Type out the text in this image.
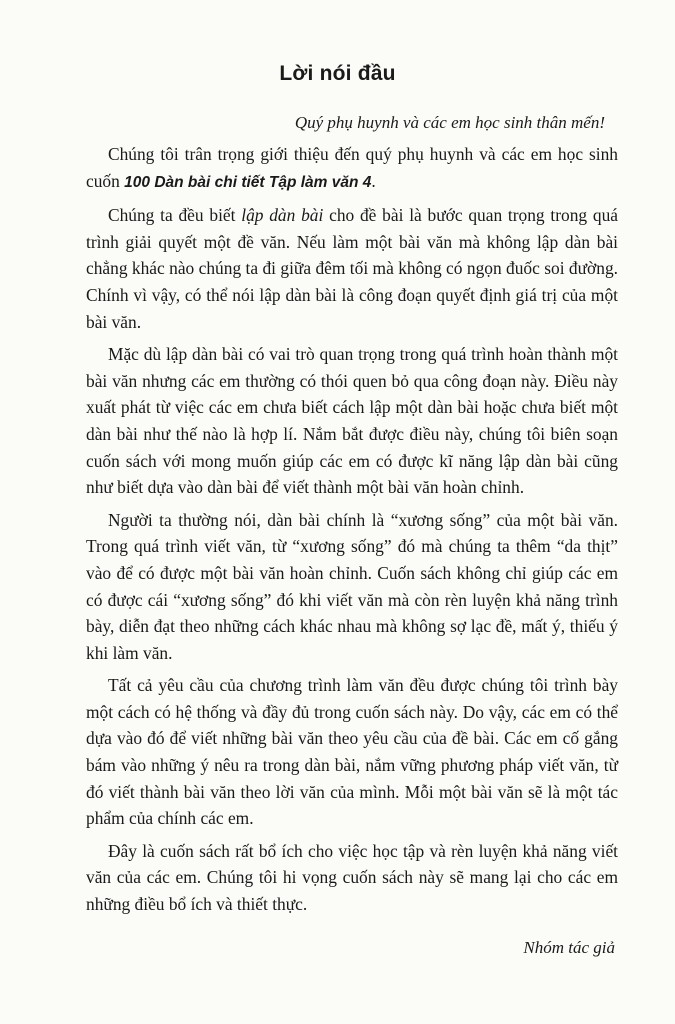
Lời nói đầu

Quý phụ huynh và các em học sinh thân mến!

Chúng tôi trân trọng giới thiệu đến quý phụ huynh và các em học sinh cuốn 100 Dàn bài chi tiết Tập làm văn 4.

Chúng ta đều biết lập dàn bài cho đề bài là bước quan trọng trong quá trình giải quyết một đề văn. Nếu làm một bài văn mà không lập dàn bài chẳng khác nào chúng ta đi giữa đêm tối mà không có ngọn đuốc soi đường. Chính vì vậy, có thể nói lập dàn bài là công đoạn quyết định giá trị của một bài văn.

Mặc dù lập dàn bài có vai trò quan trọng trong quá trình hoàn thành một bài văn nhưng các em thường có thói quen bỏ qua công đoạn này. Điều này xuất phát từ việc các em chưa biết cách lập một dàn bài hoặc chưa biết một dàn bài như thế nào là hợp lí. Nắm bắt được điều này, chúng tôi biên soạn cuốn sách với mong muốn giúp các em có được kĩ năng lập dàn bài cũng như biết dựa vào dàn bài để viết thành một bài văn hoàn chỉnh.

Người ta thường nói, dàn bài chính là “xương sống” của một bài văn. Trong quá trình viết văn, từ “xương sống” đó mà chúng ta thêm “da thịt” vào để có được một bài văn hoàn chỉnh. Cuốn sách không chỉ giúp các em có được cái “xương sống” đó khi viết văn mà còn rèn luyện khả năng trình bày, diễn đạt theo những cách khác nhau mà không sợ lạc đề, mất ý, thiếu ý khi làm văn.

Tất cả yêu cầu của chương trình làm văn đều được chúng tôi trình bày một cách có hệ thống và đầy đủ trong cuốn sách này. Do vậy, các em có thể dựa vào đó để viết những bài văn theo yêu cầu của đề bài. Các em cố gắng bám vào những ý nêu ra trong dàn bài, nắm vững phương pháp viết văn, từ đó viết thành bài văn theo lời văn của mình. Mỗi một bài văn sẽ là một tác phẩm của chính các em.

Đây là cuốn sách rất bổ ích cho việc học tập và rèn luyện khả năng viết văn của các em. Chúng tôi hi vọng cuốn sách này sẽ mang lại cho các em những điều bổ ích và thiết thực.

Nhóm tác giả
